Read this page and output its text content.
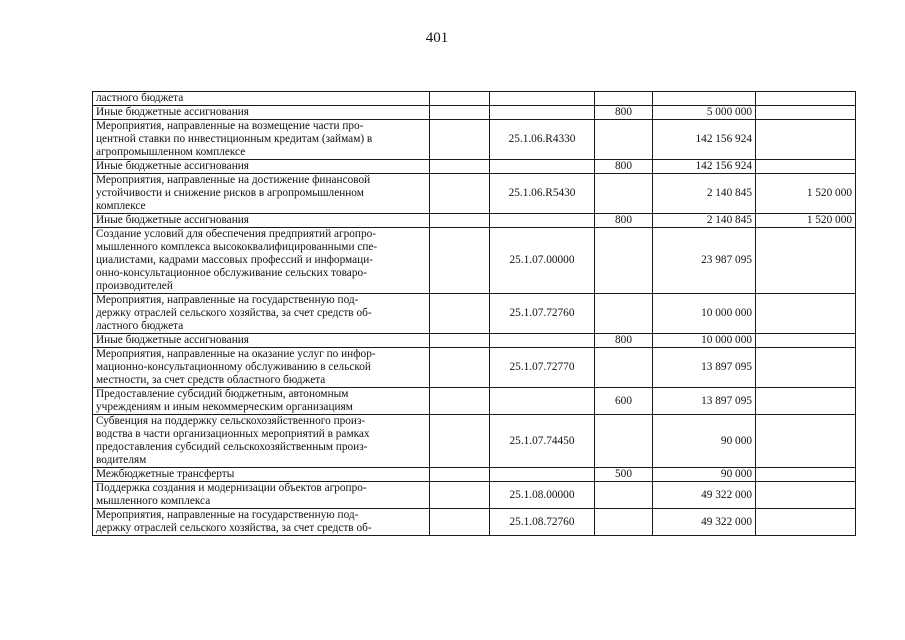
401
ластного бюджета					

Иные бюджетные ассигнования			800	5 000 000	

Мероприятия, направленные на возмещение части про-
центной ставки по инвестиционным кредитам (займам) в
агропромышленном комплексе		25.1.06.R4330		142 156 924	

Иные бюджетные ассигнования			800	142 156 924	

Мероприятия, направленные на достижение финансовой
устойчивости и снижение рисков в агропромышленном
комплексе		25.1.06.R5430		2 140 845	1 520 000

Иные бюджетные ассигнования			800	2 140 845	1 520 000

Создание условий для обеспечения предприятий агропро-
мышленного комплекса высококвалифицированными спе-
циалистами, кадрами массовых профессий и информаци-
онно-консультационное обслуживание сельских товаро-
производителей		25.1.07.00000		23 987 095	

Мероприятия, направленные на государственную под-
держку отраслей сельского хозяйства, за счет средств об-
ластного бюджета		25.1.07.72760		10 000 000	

Иные бюджетные ассигнования			800	10 000 000	

Мероприятия, направленные на оказание услуг по инфор-
мационно-консультационному обслуживанию в сельской
местности, за счет средств областного бюджета		25.1.07.72770		13 897 095	

Предоставление субсидий бюджетным, автономным
учреждениям и иным некоммерческим организациям			600	13 897 095	

Субвенция на поддержку сельскохозяйственного произ-
водства в части организационных мероприятий в рамках
предоставления субсидий сельскохозяйственным произ-
водителям		25.1.07.74450		90 000	

Межбюджетные трансферты			500	90 000	

Поддержка создания и модернизации объектов агропро-
мышленного комплекса		25.1.08.00000		49 322 000	

Мероприятия, направленные на государственную под-
держку отраслей сельского хозяйства, за счет средств об-		25.1.08.72760		49 322 000	
